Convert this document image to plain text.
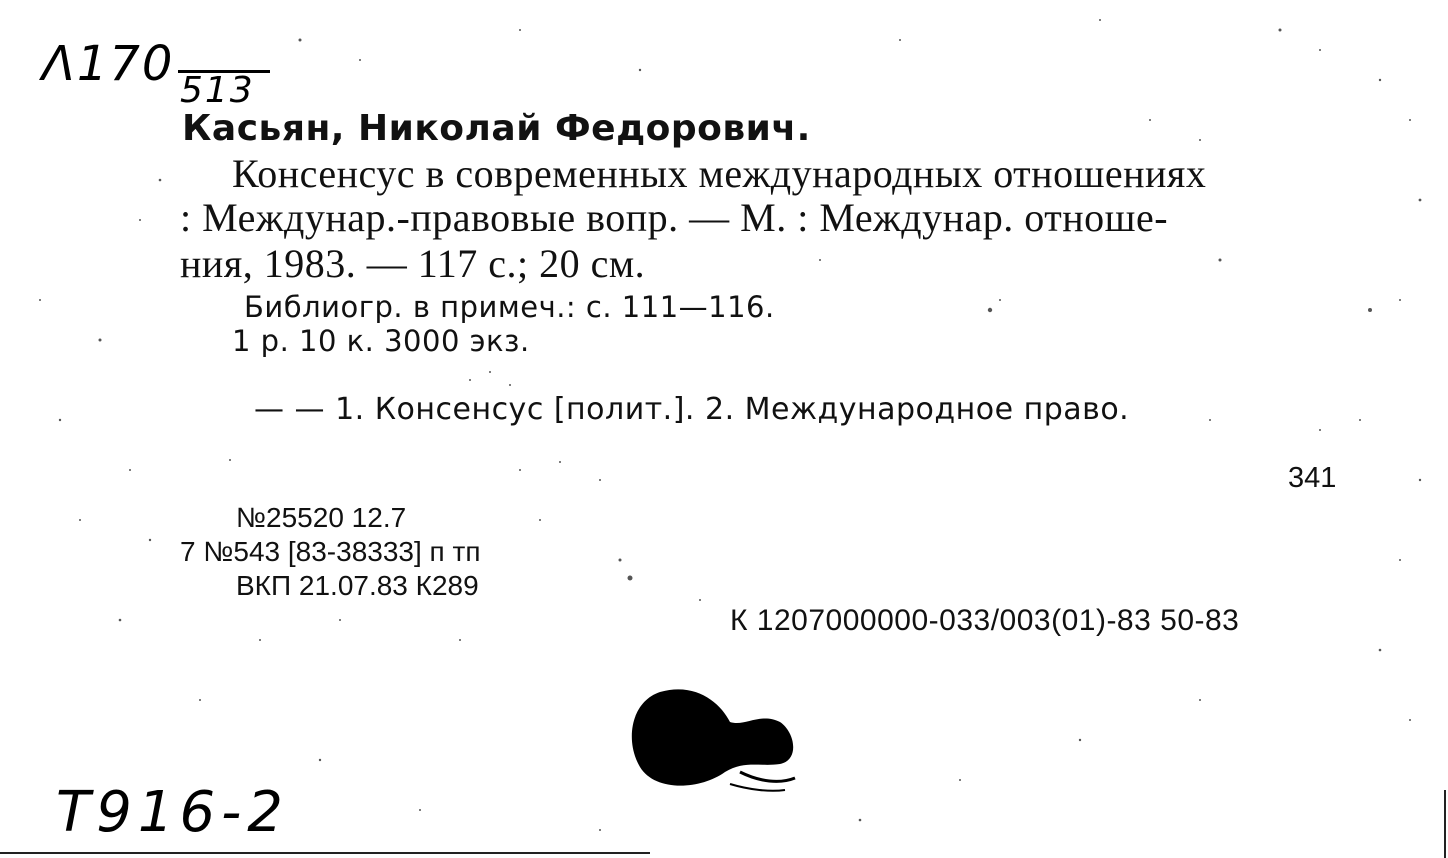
Λ170 513
Касьян, Николай Федорович.
Консенсус в современных международных отношениях
: Междунар.-правовые вопр. — М. : Междунар. отноше-
ния, 1983. — 117 с.; 20 см.
Библиогр. в примеч.: с. 111—116.
1 р. 10 к. 3000 экз.
— — 1. Консенсус [полит.]. 2. Международное право.
341
№25520 12.7
7 №543 [83-38333] п тп
ВКП 21.07.83 К289
К 1207000000-033/003(01)-83 50-83
Т916-2
